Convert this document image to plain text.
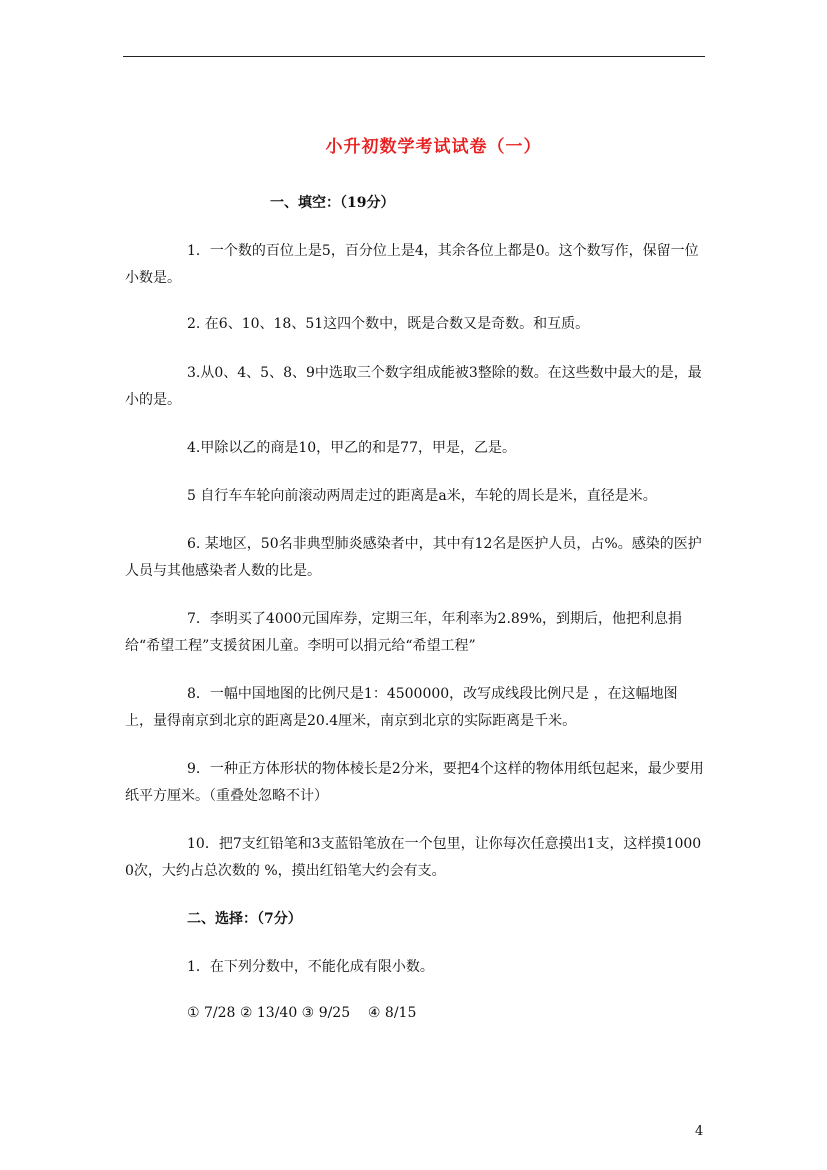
小升初数学考试试卷（一）
一、填空：（19分）
1．一个数的百位上是5，百分位上是4，其余各位上都是0。这个数写作，保留一位小数是。
2. 在6、10、18、51这四个数中，既是合数又是奇数。和互质。
3.从0、4、5、8、9中选取三个数字组成能被3整除的数。在这些数中最大的是，最小的是。
4.甲除以乙的商是10，甲乙的和是77，甲是，乙是。
5 自行车车轮向前滚动两周走过的距离是a米，车轮的周长是米，直径是米。
6. 某地区，50名非典型肺炎感染者中，其中有12名是医护人员，占%。感染的医护人员与其他感染者人数的比是。
7．李明买了4000元国库券，定期三年，年利率为2.89%，到期后，他把利息捐给“希望工程”支援贫困儿童。李明可以捐元给“希望工程”
8．一幅中国地图的比例尺是1：4500000，改写成线段比例尺是 ，在这幅地图上，量得南京到北京的距离是20.4厘米，南京到北京的实际距离是千米。
9．一种正方体形状的物体棱长是2分米，要把4个这样的物体用纸包起来，最少要用纸平方厘米。（重叠处忽略不计）
10．把7支红铅笔和3支蓝铅笔放在一个包里，让你每次任意摸出1支，这样摸10000次，大约占总次数的 %，摸出红铅笔大约会有支。
二、选择：（7分）
1．在下列分数中，不能化成有限小数。
① 7/28 ② 13/40 ③ 9/25    ④ 8/15
4
